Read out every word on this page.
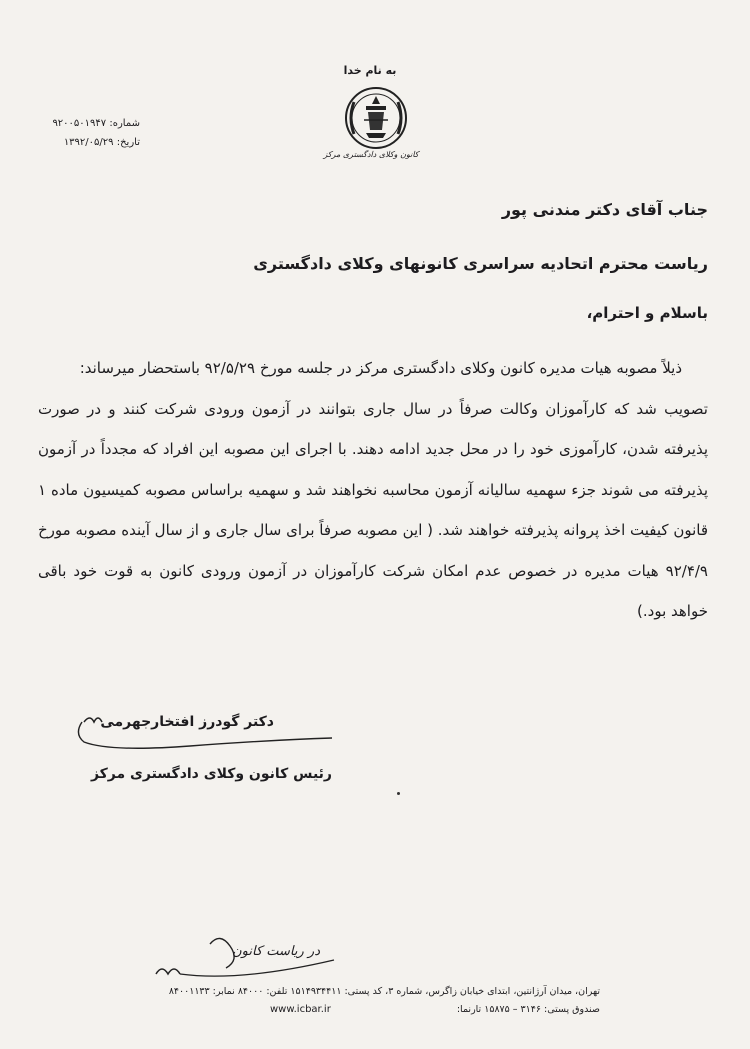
به نام خدا
کانون وکلای دادگستری مرکز
شماره: ۹۲۰۰۵۰۱۹۴۷
تاریخ: ۱۳۹۲/۰۵/۲۹
جناب آقای دکتر مندنی پور
ریاست محترم اتحادیه سراسری کانونهای وکلای دادگستری
باسلام و احترام،
ذیلاً مصوبه هیات مدیره کانون وکلای دادگستری مرکز در جلسه مورخ ۹۲/۵/۲۹ باستحضار میرساند:
تصویب شد که کارآموزان وکالت صرفاً در سال جاری بتوانند در آزمون ورودی شرکت کنند و در صورت پذیرفته شدن، کارآموزی خود را در محل جدید ادامه دهند. با اجرای این مصوبه این افراد که مجدداً در آزمون پذیرفته می شوند جزء سهمیه سالیانه آزمون محاسبه نخواهند شد و سهمیه براساس مصوبه کمیسیون ماده ۱ قانون کیفیت اخذ پروانه پذیرفته خواهند شد. ( این مصوبه صرفاً برای سال جاری و از سال آینده مصوبه مورخ ۹۲/۴/۹ هیات مدیره در خصوص عدم امکان شرکت کارآموزان در آزمون ورودی کانون به قوت خود باقی خواهد بود.)
دکتر گودرز افتخارجهرمی
رئیس کانون وکلای دادگستری مرکز
در ریاست کانون
تهران، میدان آرژانتین، ابتدای خیابان زاگرس، شماره ۳، کد پستی: ۱۵۱۴۹۳۴۴۱۱ تلفن: ۸۴۰۰۰ نمابر: ۸۴۰۰۱۱۳۳
صندوق پستی: ۳۱۴۶ – ۱۵۸۷۵ تارنما:
www.icbar.ir
